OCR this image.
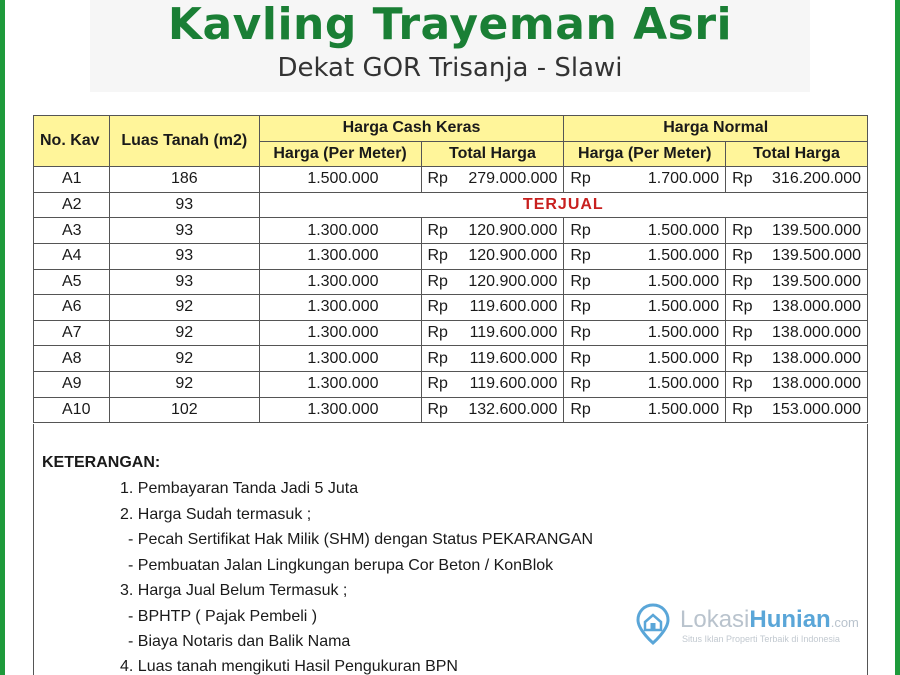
Kavling Trayeman Asri
Dekat GOR Trisanja - Slawi
No. Kav	Luas Tanah (m2)	Harga Cash Keras		Harga Normal	
		Harga (Per Meter)	Total Harga	Harga (Per Meter)	Total Harga
A1	186	1.500.000	Rp 279.000.000	Rp 1.700.000	Rp 316.200.000

A2	93	TERJUAL			
A3	93	1.300.000	Rp 120.900.000	Rp 1.500.000	Rp 139.500.000

A4	93	1.300.000	Rp 120.900.000	Rp 1.500.000	Rp 139.500.000

A5	93	1.300.000	Rp 120.900.000	Rp 1.500.000	Rp 139.500.000

A6	92	1.300.000	Rp 119.600.000	Rp 1.500.000	Rp 138.000.000

A7	92	1.300.000	Rp 119.600.000	Rp 1.500.000	Rp 138.000.000

A8	92	1.300.000	Rp 119.600.000	Rp 1.500.000	Rp 138.000.000

A9	92	1.300.000	Rp 119.600.000	Rp 1.500.000	Rp 138.000.000

A10	102	1.300.000	Rp 132.600.000	Rp 1.500.000	Rp 153.000.000
KETERANGAN:
1. Pembayaran Tanda Jadi 5 Juta
2. Harga Sudah termasuk ;
- Pecah Sertifikat Hak Milik (SHM) dengan Status PEKARANGAN
- Pembuatan Jalan Lingkungan berupa Cor Beton / KonBlok
3. Harga Jual Belum Termasuk ;
- BPHTP ( Pajak Pembeli )
- Biaya Notaris dan Balik Nama
4. Luas tanah mengikuti Hasil Pengukuran BPN
LokasiHunian.com
Situs Iklan Properti Terbaik di Indonesia
